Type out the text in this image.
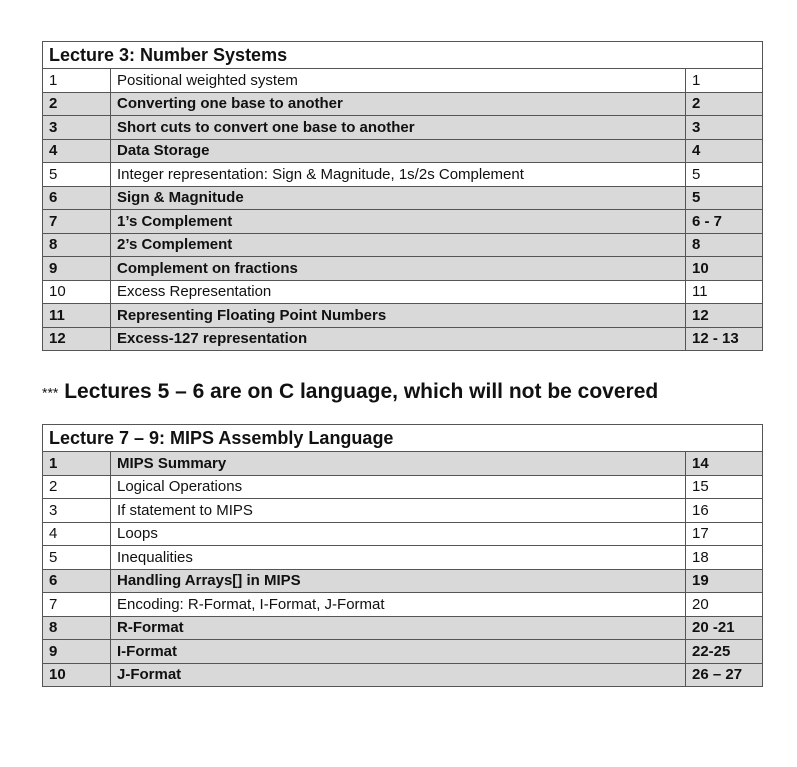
Lecture 3: Number Systems		
1	Positional weighted system	1
2	Converting one base to another	2
3	Short cuts to convert one base to another	3
4	Data Storage	4
5	Integer representation: Sign & Magnitude, 1s/2s Complement	5
6	Sign & Magnitude	5
7	1’s Complement	6 - 7
8	2’s Complement	8
9	Complement on fractions	10
10	Excess Representation	11
11	Representing Floating Point Numbers	12
12	Excess-127 representation	12 - 13
*** Lectures 5 – 6 are on C language, which will not be covered
Lecture 7 – 9: MIPS Assembly Language		
1	MIPS Summary	14
2	Logical Operations	15
3	If statement to MIPS	16
4	Loops	17
5	Inequalities	18
6	Handling Arrays[] in MIPS	19
7	Encoding: R-Format, I-Format, J-Format	20
8	R-Format	20 -21
9	I-Format	22-25
10	J-Format	26 – 27
